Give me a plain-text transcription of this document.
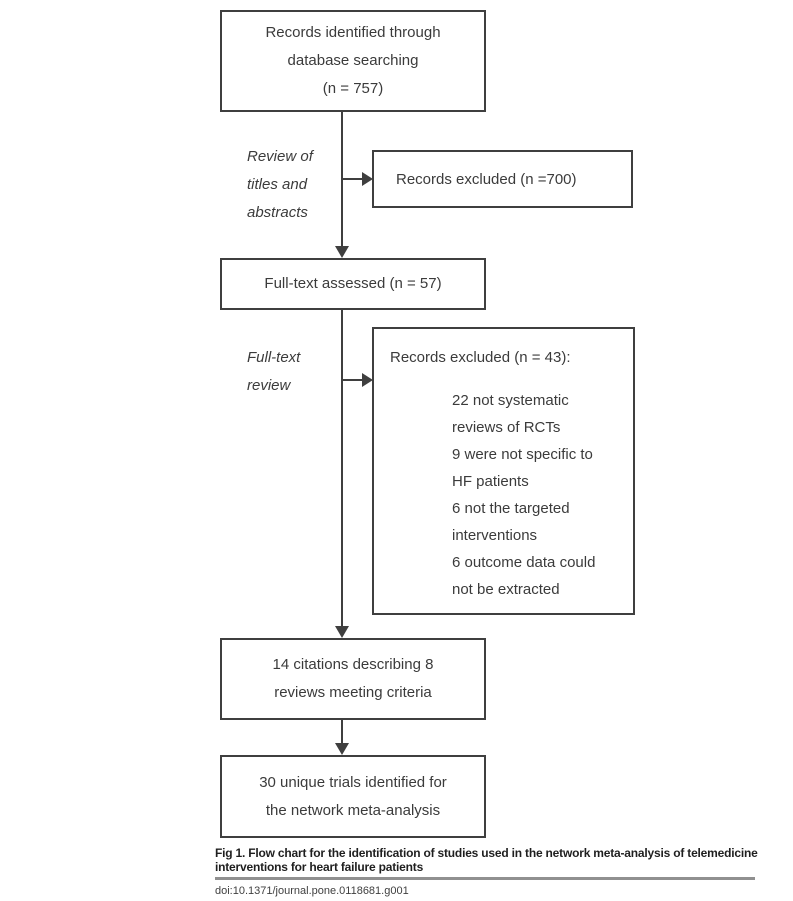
Records identified through
database searching
(n = 757)
Review of
titles and
abstracts
Records excluded (n =700)
Full-text assessed (n = 57)
Full-text
review
Records excluded (n = 43):
22 not systematic
reviews of RCTs
9 were not specific to
HF patients
6 not the targeted
interventions
6 outcome data could
not be extracted
14 citations describing 8
reviews meeting criteria
30 unique trials identified for
the network meta-analysis
Fig 1. Flow chart for the identification of studies used in the network meta-analysis of telemedicine interventions for heart failure patients
doi:10.1371/journal.pone.0118681.g001
